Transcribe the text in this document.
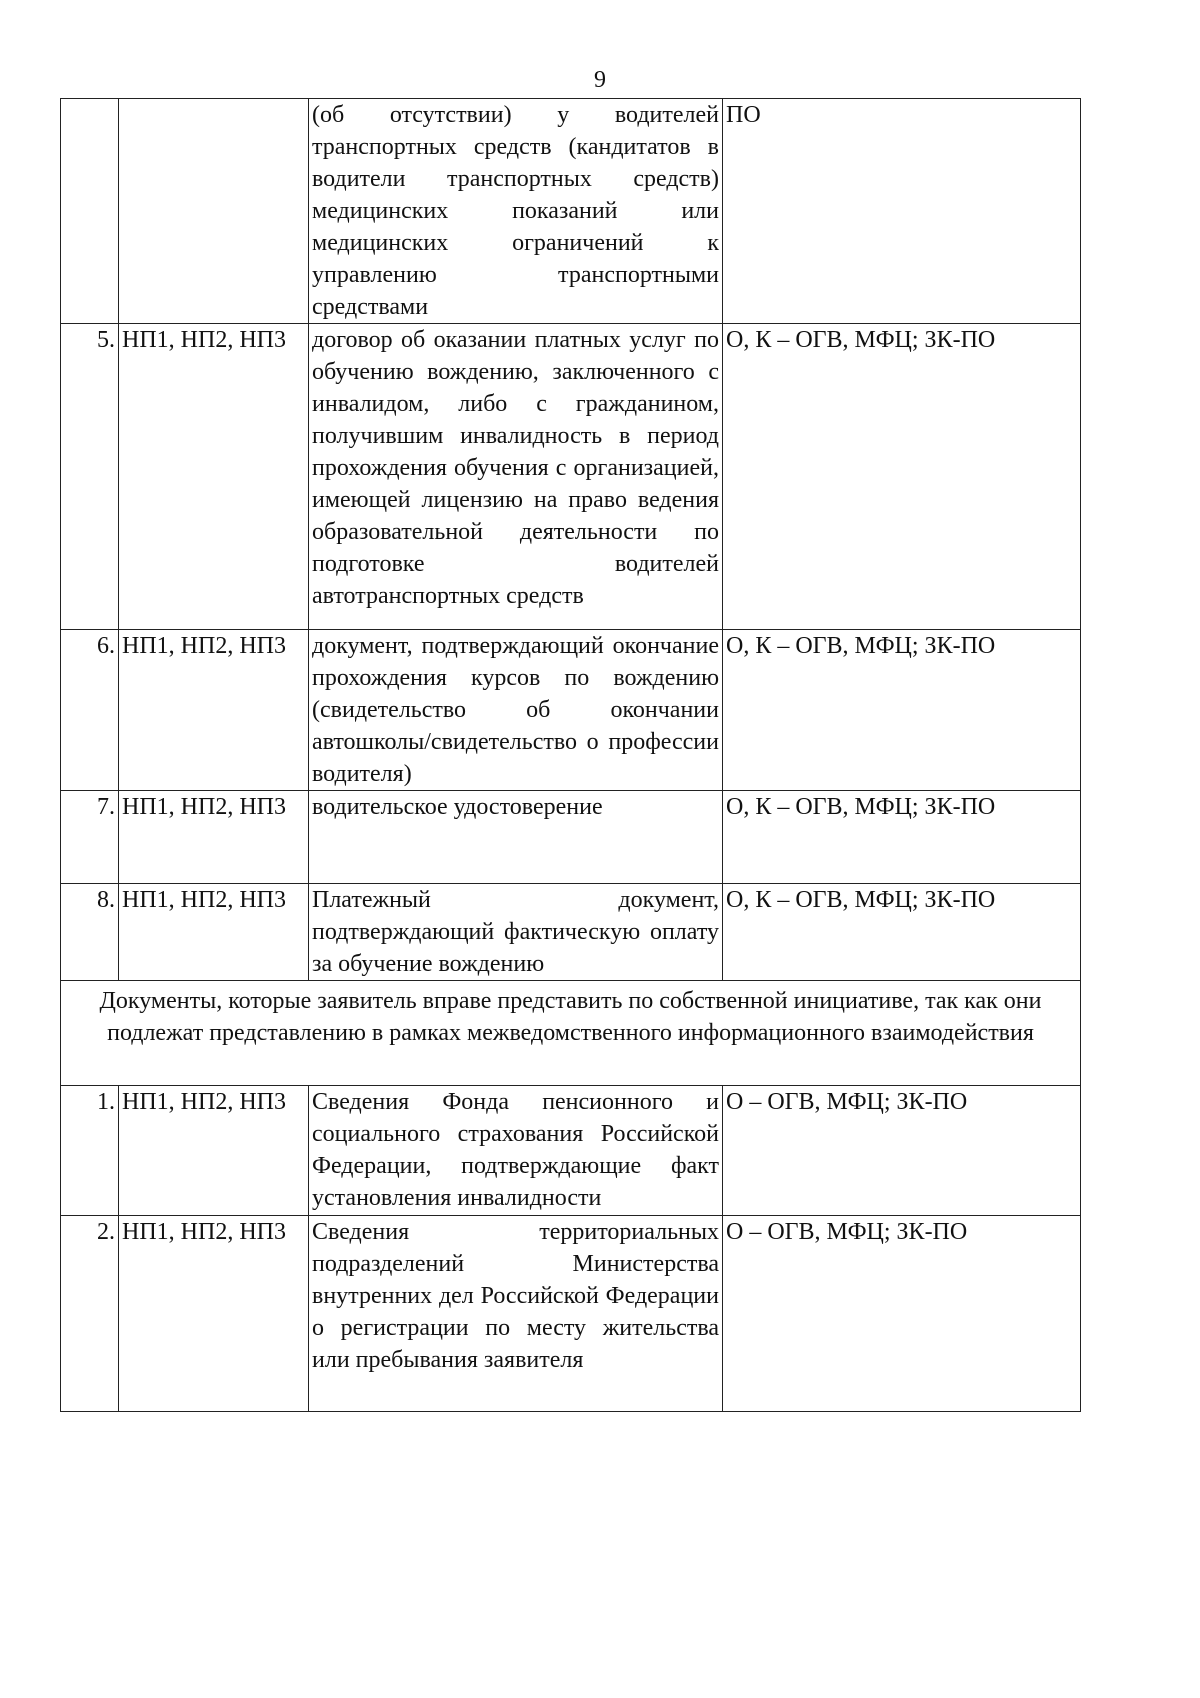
9
		(об отсутствии) у водителей транспортных средств (кандитатов в водители транспортных средств) медицинских показаний или медицинских ограничений к управлению транспортными средствами	ПО
5.	НП1, НП2, НП3	договор об оказании платных услуг по обучению вождению, заключенного с инвалидом, либо с гражданином, получившим инвалидность в период прохождения обучения с организацией, имеющей лицензию на право ведения образовательной деятельности по подготовке водителей автотранспортных средств	О, К – ОГВ, МФЦ; ЗК-ПО
6.	НП1, НП2, НП3	документ, подтверждающий окончание прохождения курсов по вождению (свидетельство об окончании автошколы/свидетельство о профессии водителя)	О, К – ОГВ, МФЦ; ЗК-ПО
7.	НП1, НП2, НП3	водительское удостоверение	О, К – ОГВ, МФЦ; ЗК-ПО
8.	НП1, НП2, НП3	Платежный документ, подтверждающий фактическую оплату за обучение вождению	О, К – ОГВ, МФЦ; ЗК-ПО
Документы, которые заявитель вправе представить по собственной инициативе, так как они подлежат представлению в рамках межведомственного информационного взаимодействия			
1.	НП1, НП2, НП3	Сведения Фонда пенсионного и социального страхования Российской Федерации, подтверждающие факт установления инвалидности	О – ОГВ, МФЦ; ЗК-ПО
2.	НП1, НП2, НП3	Сведения территориальных подразделений Министерства внутренних дел Российской Федерации о регистрации по месту жительства или пребывания заявителя	О – ОГВ, МФЦ; ЗК-ПО
